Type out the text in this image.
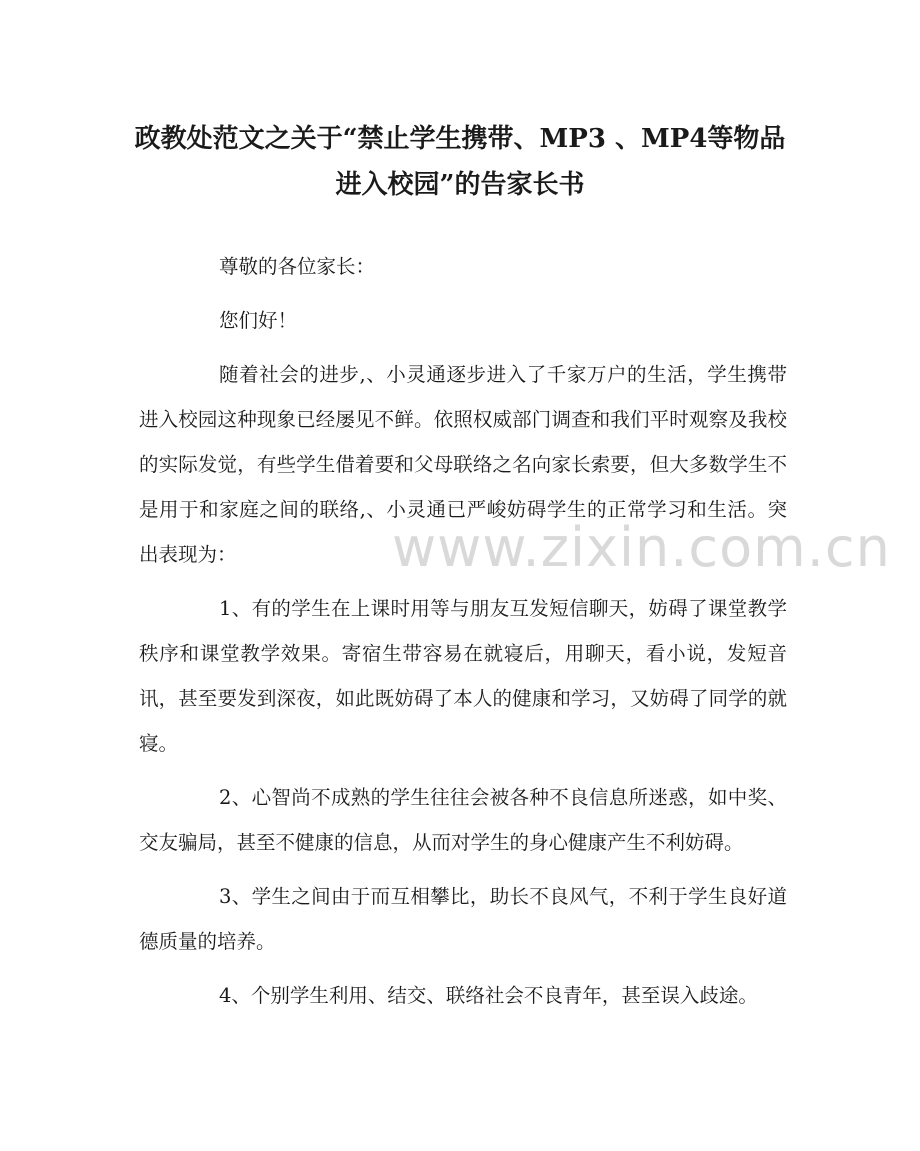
政教处范文之关于“禁止学生携带、MP3 、MP4等物品
进入校园”的告家长书

尊敬的各位家长：

您们好！

随着社会的进步,、小灵通逐步进入了千家万户的生活，学生携带进入校园这种现象已经屡见不鲜。依照权威部门调查和我们平时观察及我校的实际发觉，有些学生借着要和父母联络之名向家长索要，但大多数学生不是用于和家庭之间的联络,、小灵通已严峻妨碍学生的正常学习和生活。突出表现为：

1、有的学生在上课时用等与朋友互发短信聊天，妨碍了课堂教学秩序和课堂教学效果。寄宿生带容易在就寝后，用聊天，看小说，发短音讯，甚至要发到深夜，如此既妨碍了本人的健康和学习，又妨碍了同学的就寝。

2、心智尚不成熟的学生往往会被各种不良信息所迷惑，如中奖、交友骗局，甚至不健康的信息，从而对学生的身心健康产生不利妨碍。

3、学生之间由于而互相攀比，助长不良风气，不利于学生良好道德质量的培养。

4、个别学生利用、结交、联络社会不良青年，甚至误入歧途。

www.zixin.com.cn
